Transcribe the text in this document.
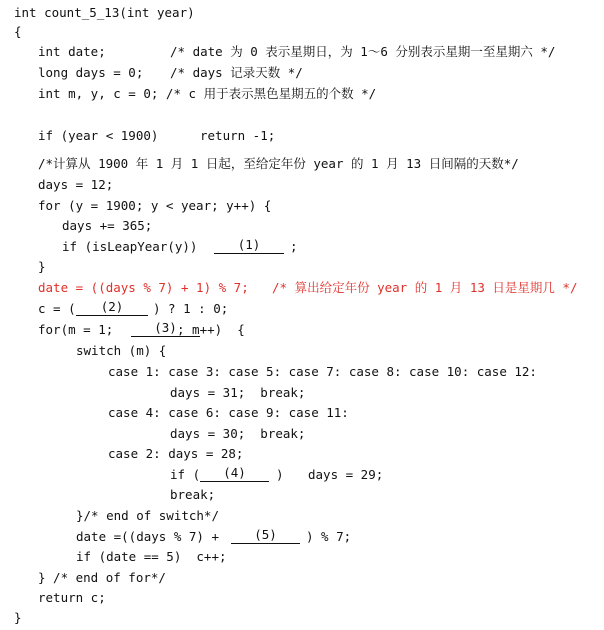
int count_5_13(int year)
{
int date;	/* date 为 0 表示星期日，为 1～6 分别表示星期一至星期六 */
long days = 0; /* days 记录天数 */
int m, y, c = 0; /* c 用于表示黑色星期五的个数 */
if (year < 1900)	return -1;
/*计算从 1900 年 1 月 1 日起，至给定年份 year 的 1 月 13 日间隔的天数*/
days = 12;
for (y = 1900; y < year; y++) {
days += 365;
if (isLeapYear(y))	(1)	;
}
date = ((days % 7) + 1) % 7; /* 算出给定年份 year 的 1 月 13 日是星期几 */
c = (	(2)	) ? 1 : 0;
for(m = 1;	(3) ; m++)  {
switch (m) {
case 1: case 3: case 5: case 7: case 8: case 10: case 12:
days = 31;  break;
case 4: case 6: case 9: case 11:
days = 30;  break;
case 2: days = 28;
if (	(4)	) days = 29;
break;
}/* end of switch*/
date =((days % 7) +	(5)	) % 7;
if (date == 5)  c++;
} /* end of for*/
return c;
}
